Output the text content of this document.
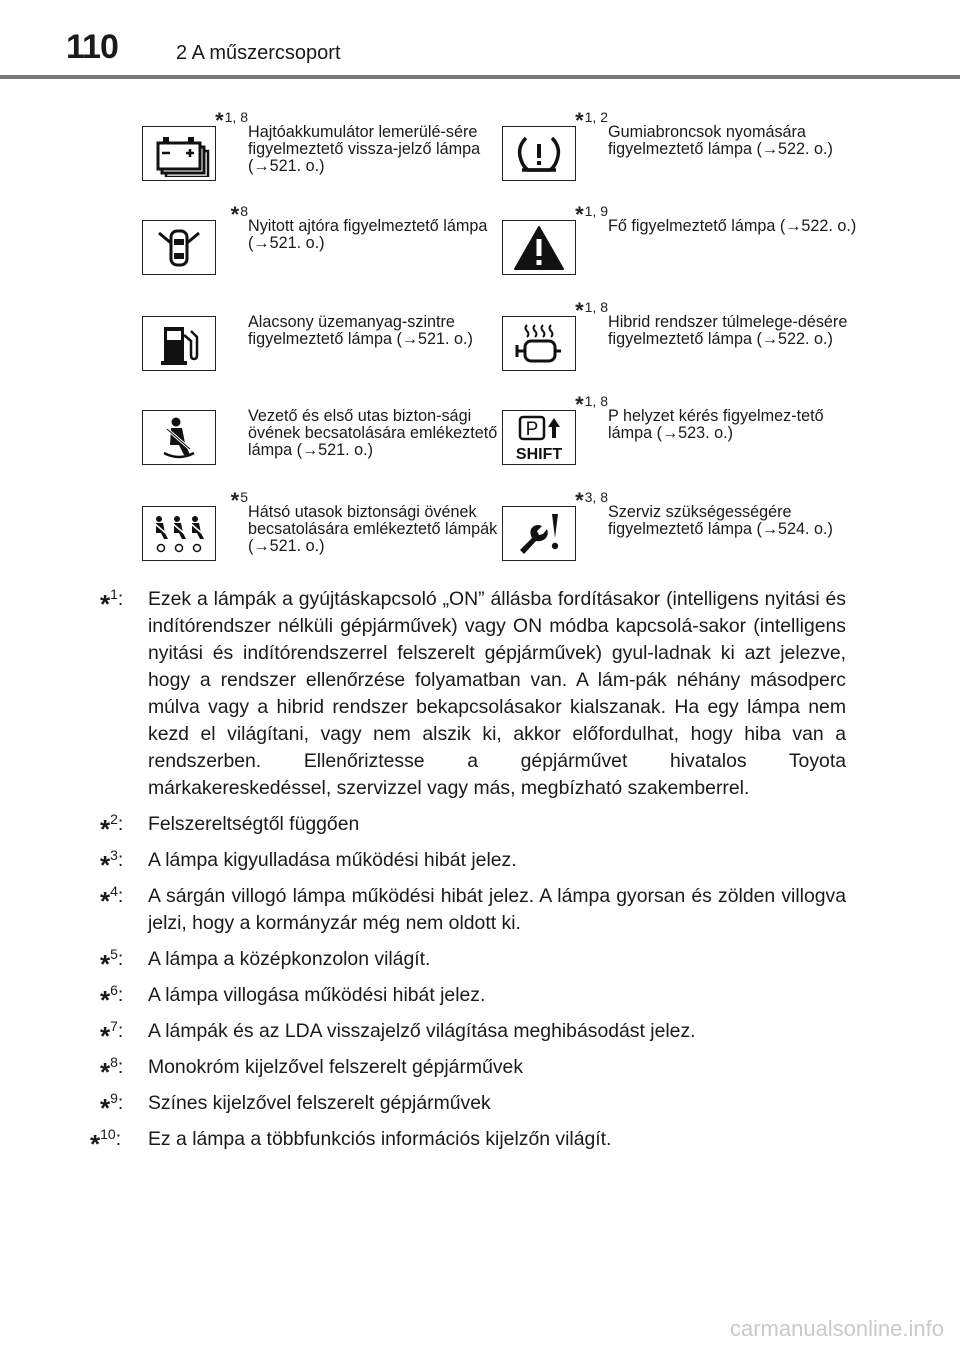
110	2 A műszercsoport
*1, 8
Hajtóakkumulátor lemerülé-sére figyelmeztető vissza-jelző lámpa (→521. o.)
*1, 2
Gumiabroncsok nyomására figyelmeztető lámpa (→522. o.)
*8
Nyitott ajtóra figyelmeztető lámpa (→521. o.)
*1, 9
Fő figyelmeztető lámpa (→522. o.)
Alacsony üzemanyag-szintre figyelmeztető lámpa (→521. o.)
*1, 8
Hibrid rendszer túlmelege-désére figyelmeztető lámpa (→522. o.)
Vezető és első utas bizton-sági övének becsatolására emlékeztető lámpa (→521. o.)
*1, 8
P
SHIFT
P helyzet kérés figyelmez-tető lámpa (→523. o.)
*5
Hátsó utasok biztonsági övének becsatolására emlékeztető lámpák (→521. o.)
*3, 8
Szerviz szükségességére figyelmeztető lámpa (→524. o.)
*$^1$: Ezek a lámpák a gyújtáskapcsoló „ON” állásba fordításakor (intelligens nyitási és indítórendszer nélküli gépjárművek) vagy ON módba kapcsolá-sakor (intelligens nyitási és indítórendszerrel felszerelt gépjárművek) gyul-ladnak ki azt jelezve, hogy a rendszer ellenőrzése folyamatban van. A lám-pák néhány másodperc múlva vagy a hibrid rendszer bekapcsolásakor kialszanak. Ha egy lámpa nem kezd el világítani, vagy nem alszik ki, akkor előfordulhat, hogy hiba van a rendszerben. Ellenőriztesse a gépjárművet hivatalos Toyota márkakereskedéssel, szervizzel vagy más, megbízható szakemberrel.
*$^2$: Felszereltségtől függően
*$^3$: A lámpa kigyulladása működési hibát jelez.
*$^4$: A sárgán villogó lámpa működési hibát jelez. A lámpa gyorsan és zölden villogva jelzi, hogy a kormányzár még nem oldott ki.
*$^5$: A lámpa a középkonzolon világít.
*$^6$: A lámpa villogása működési hibát jelez.
*$^7$: A lámpák és az LDA visszajelző világítása meghibásodást jelez.
*$^8$: Monokróm kijelzővel felszerelt gépjárművek
*$^9$: Színes kijelzővel felszerelt gépjárművek
*$^{10}$: Ez a lámpa a többfunkciós információs kijelzőn világít.
carmanualsonline.info
